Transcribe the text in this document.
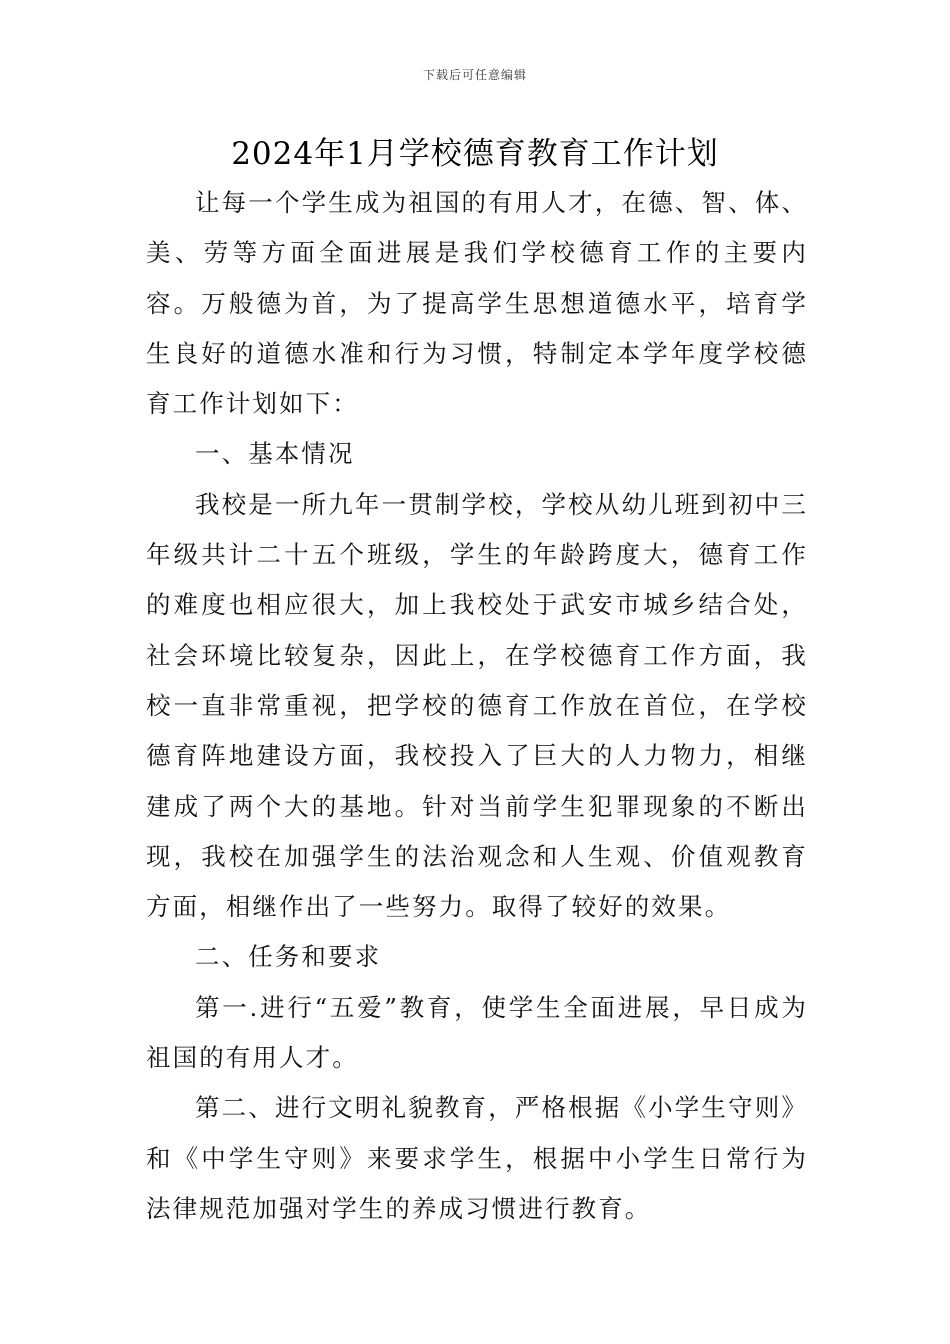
下载后可任意编辑
2024年1月学校德育教育工作计划

让每一个学生成为祖国的有用人才，在德、智、体、美、劳等方面全面进展是我们学校德育工作的主要内容。万般德为首，为了提高学生思想道德水平，培育学生良好的道德水准和行为习惯，特制定本学年度学校德育工作计划如下：

一、基本情况

我校是一所九年一贯制学校，学校从幼儿班到初中三年级共计二十五个班级，学生的年龄跨度大，德育工作的难度也相应很大，加上我校处于武安市城乡结合处，社会环境比较复杂，因此上，在学校德育工作方面，我校一直非常重视，把学校的德育工作放在首位，在学校德育阵地建设方面，我校投入了巨大的人力物力，相继建成了两个大的基地。针对当前学生犯罪现象的不断出现，我校在加强学生的法治观念和人生观、价值观教育方面，相继作出了一些努力。取得了较好的效果。

二、任务和要求

第一.进行“五爱”教育，使学生全面进展，早日成为祖国的有用人才。

第二、进行文明礼貌教育，严格根据《小学生守则》和《中学生守则》来要求学生，根据中小学生日常行为法律规范加强对学生的养成习惯进行教育。
